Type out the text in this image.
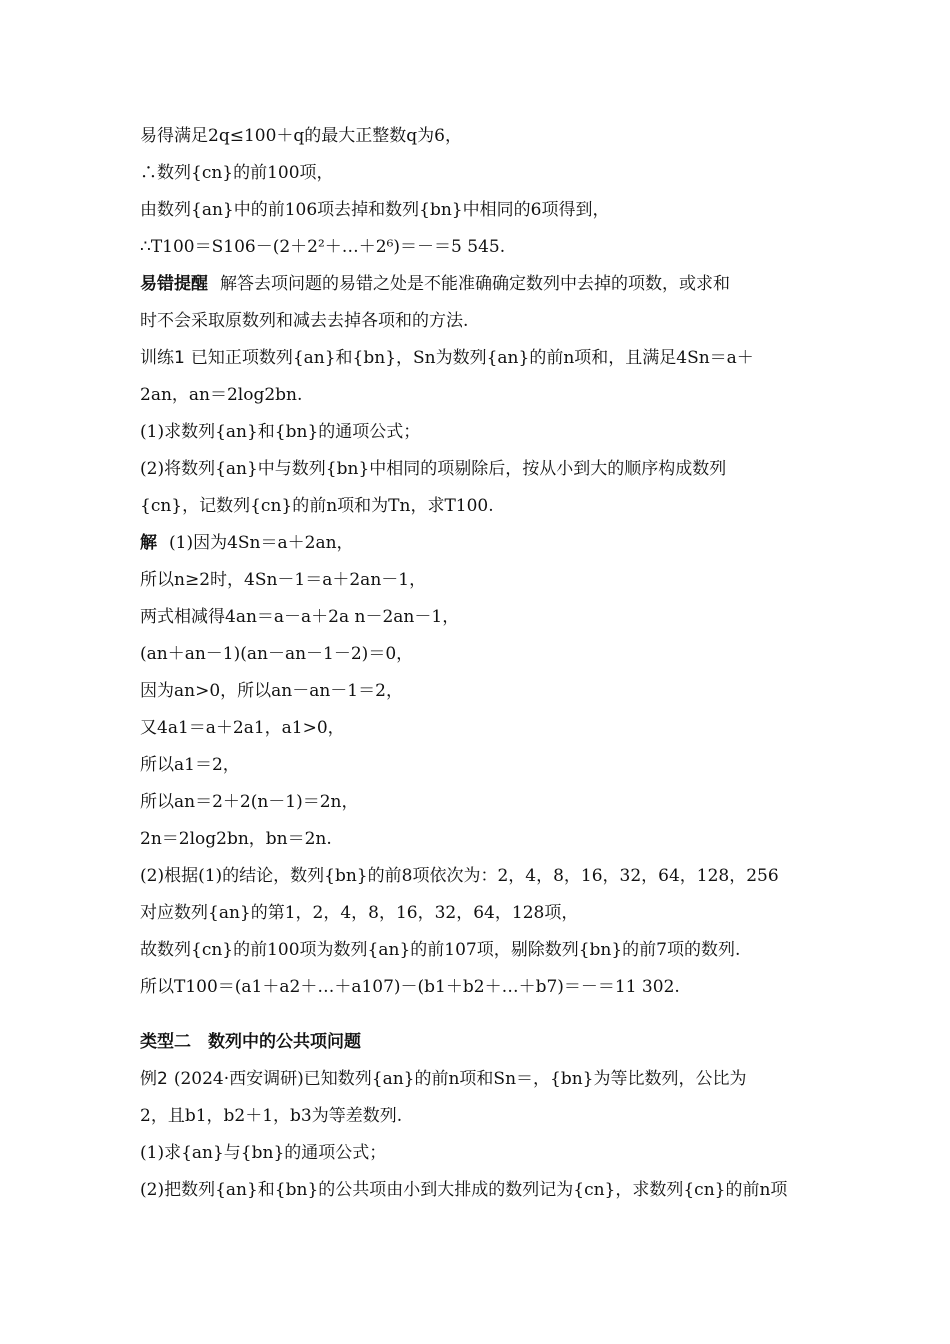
易得满足2q≤100＋q的最大正整数q为6，
∴数列{cn}的前100项，
由数列{an}中的前106项去掉和数列{bn}中相同的6项得到，
∴T100＝S106－(2＋2²＋…＋2⁶)＝－＝5 545.
易错提醒 解答去项问题的易错之处是不能准确确定数列中去掉的项数，或求和
时不会采取原数列和减去去掉各项和的方法.
训练1 已知正项数列{an}和{bn}，Sn为数列{an}的前n项和，且满足4Sn＝a＋
2an，an＝2log2bn.
(1)求数列{an}和{bn}的通项公式；
(2)将数列{an}中与数列{bn}中相同的项剔除后，按从小到大的顺序构成数列
{cn}，记数列{cn}的前n项和为Tn，求T100.
解 (1)因为4Sn＝a＋2an，
所以n≥2时，4Sn－1＝a＋2an－1，
两式相减得4an＝a－a＋2a n－2an－1，
(an＋an－1)(an－an－1－2)＝0，
因为an>0，所以an－an－1＝2，
又4a1＝a＋2a1，a1>0，
所以a1＝2，
所以an＝2＋2(n－1)＝2n，
2n＝2log2bn，bn＝2n.
(2)根据(1)的结论，数列{bn}的前8项依次为：2，4，8，16，32，64，128，256
对应数列{an}的第1，2，4，8，16，32，64，128项，
故数列{cn}的前100项为数列{an}的前107项，剔除数列{bn}的前7项的数列.
所以T100＝(a1＋a2＋…＋a107)－(b1＋b2＋…＋b7)＝－＝11 302.
类型二　数列中的公共项问题
例2 (2024·西安调研)已知数列{an}的前n项和Sn＝，{bn}为等比数列，公比为
2，且b1，b2＋1，b3为等差数列.
(1)求{an}与{bn}的通项公式；
(2)把数列{an}和{bn}的公共项由小到大排成的数列记为{cn}，求数列{cn}的前n项
